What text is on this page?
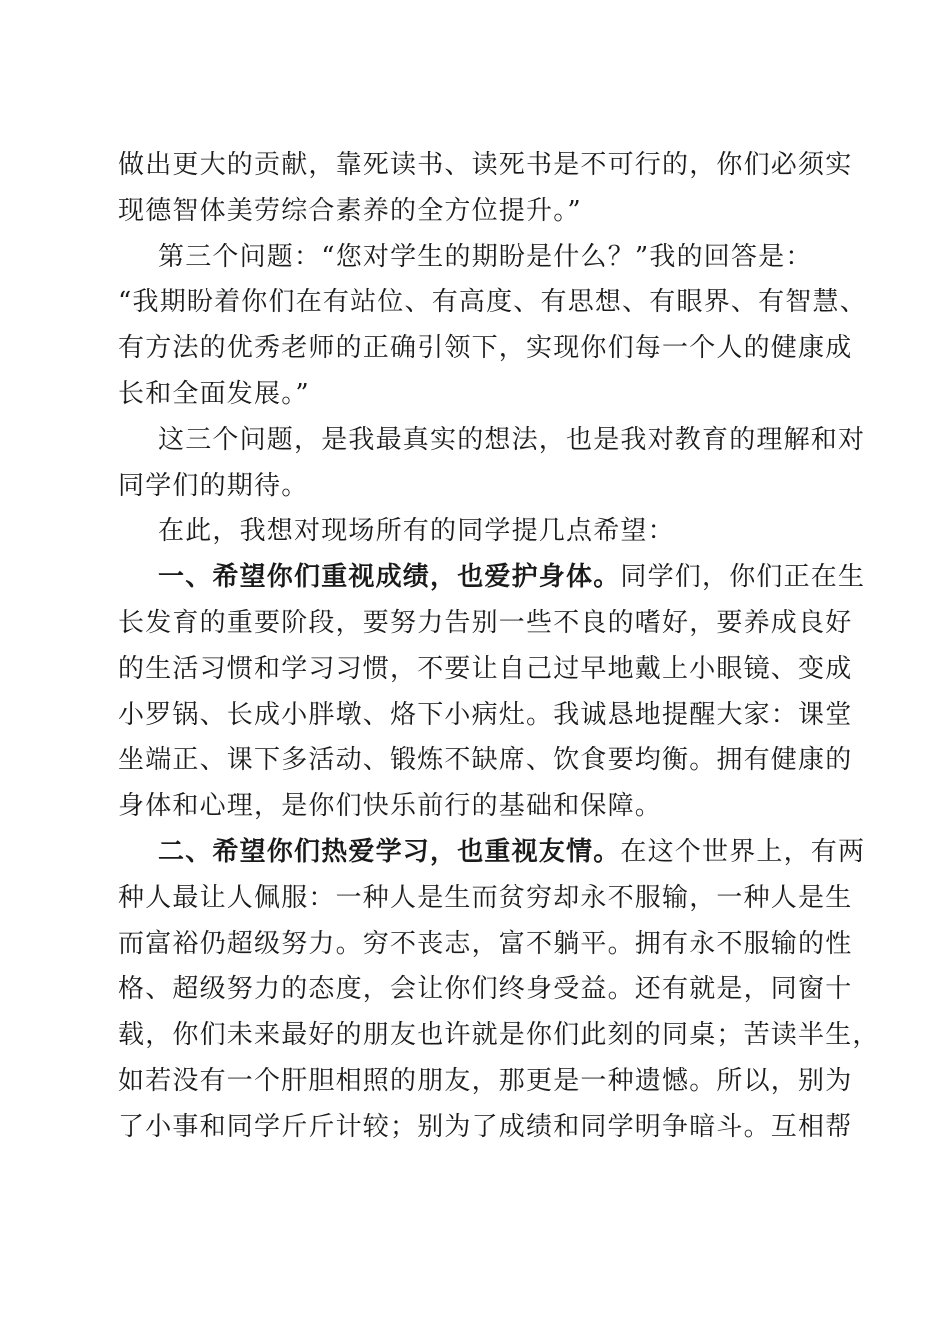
做出更大的贡献，靠死读书、读死书是不可行的，你们必须实
现德智体美劳综合素养的全方位提升。”
第三个问题：“您对学生的期盼是什么？”我的回答是：
“我期盼着你们在有站位、有高度、有思想、有眼界、有智慧、
有方法的优秀老师的正确引领下，实现你们每一个人的健康成
长和全面发展。”
这三个问题，是我最真实的想法，也是我对教育的理解和对
同学们的期待。
在此，我想对现场所有的同学提几点希望：
一、希望你们重视成绩，也爱护身体。同学们，你们正在生
长发育的重要阶段，要努力告别一些不良的嗜好，要养成良好
的生活习惯和学习习惯，不要让自己过早地戴上小眼镜、变成
小罗锅、长成小胖墩、烙下小病灶。我诚恳地提醒大家：课堂
坐端正、课下多活动、锻炼不缺席、饮食要均衡。拥有健康的
身体和心理，是你们快乐前行的基础和保障。
二、希望你们热爱学习，也重视友情。在这个世界上，有两
种人最让人佩服：一种人是生而贫穷却永不服输，一种人是生
而富裕仍超级努力。穷不丧志，富不躺平。拥有永不服输的性
格、超级努力的态度，会让你们终身受益。还有就是，同窗十
载，你们未来最好的朋友也许就是你们此刻的同桌；苦读半生，
如若没有一个肝胆相照的朋友，那更是一种遗憾。所以，别为
了小事和同学斤斤计较；别为了成绩和同学明争暗斗。互相帮
